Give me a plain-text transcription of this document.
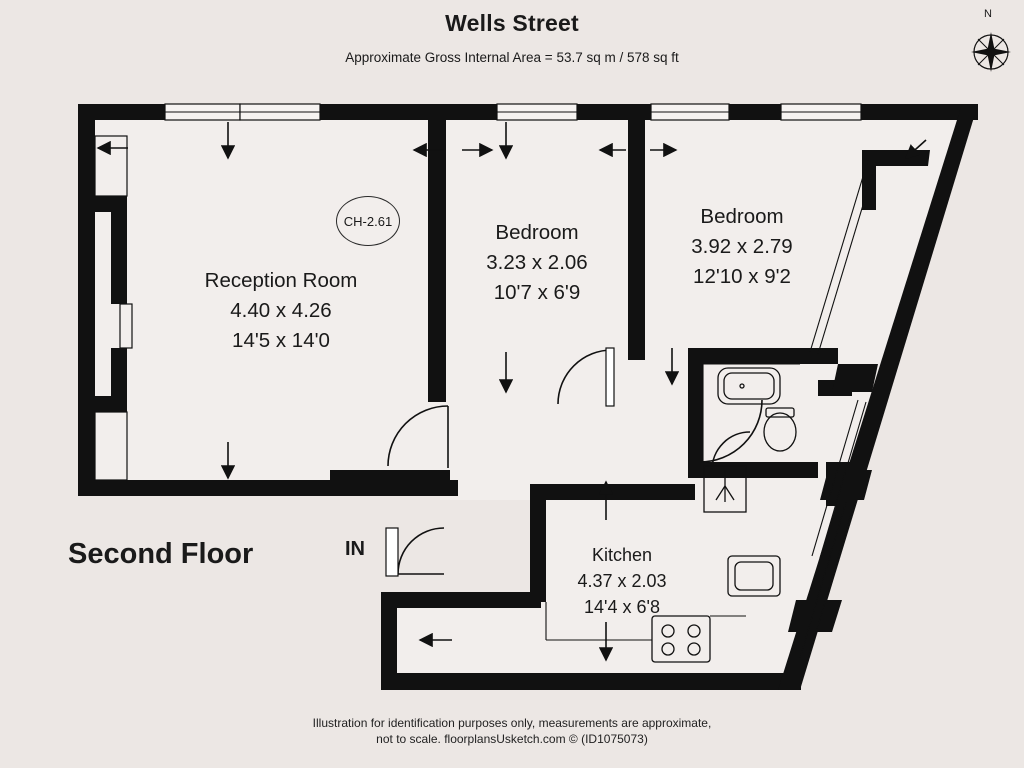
Wells Street
Approximate Gross Internal Area = 53.7 sq m / 578 sq ft
CH-2.61
Reception Room
4.40 x 4.26
14'5 x 14'0
Bedroom
3.23 x 2.06
10'7 x 6'9
Bedroom
3.92 x 2.79
12'10 x 9'2
Kitchen
4.37 x 2.03
14'4 x 6'8
Second Floor	IN
N
Illustration for identification purposes only, measurements are approximate,
not to scale. floorplansUsketch.com © (ID1075073)
